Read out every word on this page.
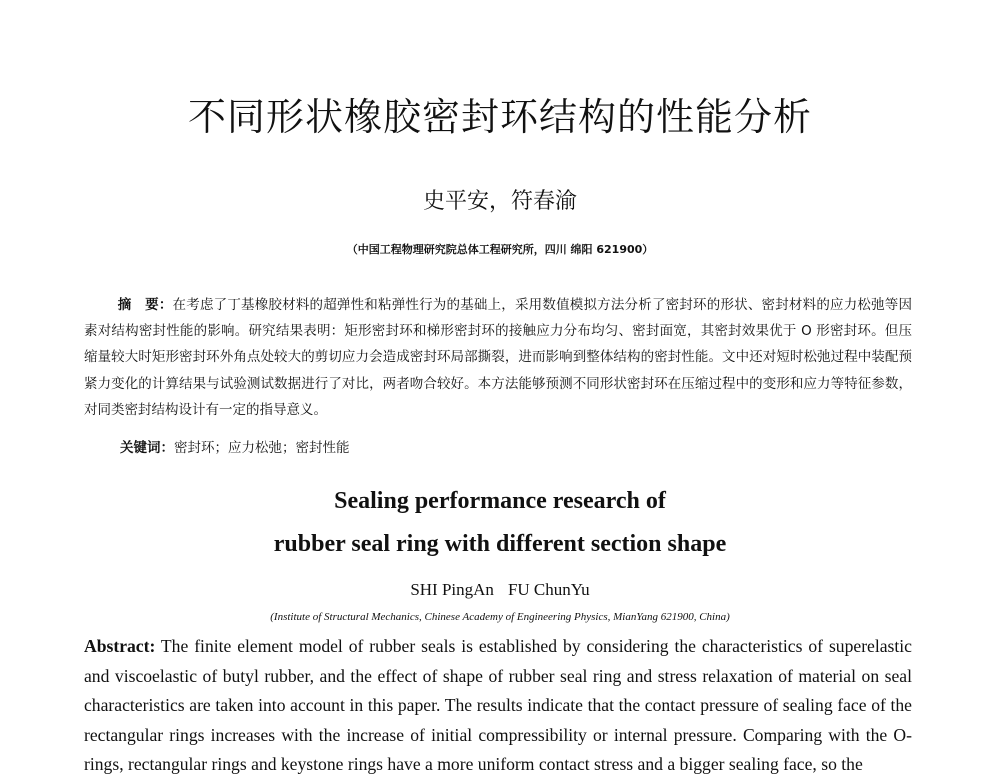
不同形状橡胶密封环结构的性能分析

史平安，符春渝

（中国工程物理研究院总体工程研究所，四川 绵阳 621900）

摘　要：在考虑了丁基橡胶材料的超弹性和粘弹性行为的基础上，采用数值模拟方法分析了密封环的形状、密封材料的应力松弛等因素对结构密封性能的影响。研究结果表明：矩形密封环和梯形密封环的接触应力分布均匀、密封面宽，其密封效果优于 O 形密封环。但压缩量较大时矩形密封环外角点处较大的剪切应力会造成密封环局部撕裂，进而影响到整体结构的密封性能。文中还对短时松弛过程中装配预紧力变化的计算结果与试验测试数据进行了对比，两者吻合较好。本方法能够预测不同形状密封环在压缩过程中的变形和应力等特征参数，对同类密封结构设计有一定的指导意义。

关键词：密封环；应力松弛；密封性能

Sealing performance research of
rubber seal ring with different section shape

SHI PingAn FU ChunYu

(Institute of Structural Mechanics, Chinese Academy of Engineering Physics, MianYang 621900, China)

Abstract: The finite element model of rubber seals is established by considering the characteristics of superelastic and viscoelastic of butyl rubber, and the effect of shape of rubber seal ring and stress relaxation of material on seal characteristics are taken into account in this paper. The results indicate that the contact pressure of sealing face of the rectangular rings increases with the increase of initial compressibility or internal pressure. Comparing with the O-rings, rectangular rings and keystone rings have a more uniform contact stress and a bigger sealing face, so the
